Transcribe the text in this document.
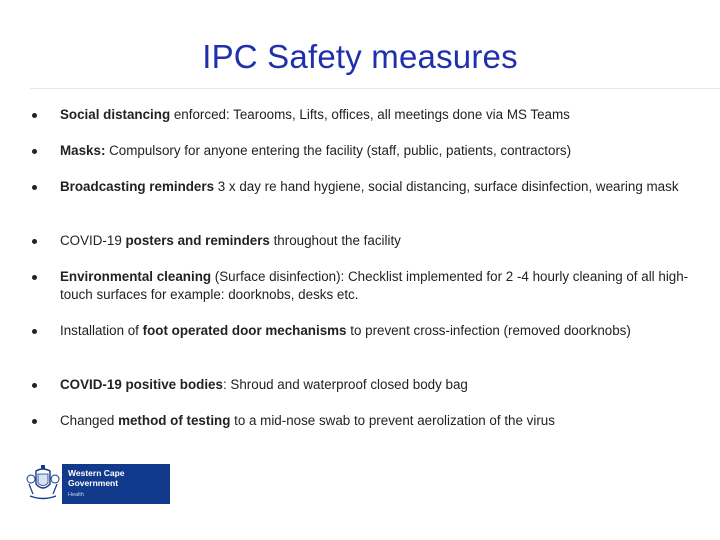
IPC Safety measures
Social distancing enforced: Tearooms, Lifts, offices, all meetings done via MS Teams
Masks: Compulsory for anyone entering the facility (staff, public, patients, contractors)
Broadcasting reminders 3 x day re hand hygiene, social distancing, surface disinfection, wearing mask
COVID-19 posters and reminders throughout the facility
Environmental cleaning (Surface disinfection): Checklist implemented for 2 -4 hourly cleaning of all high-touch surfaces for example: doorknobs, desks etc.
Installation of foot operated door mechanisms to prevent cross-infection (removed doorknobs)
COVID-19 positive bodies: Shroud and waterproof closed body bag
Changed method of testing to a mid-nose swab to prevent aerolization of the virus
Western Cape
Government
Health
